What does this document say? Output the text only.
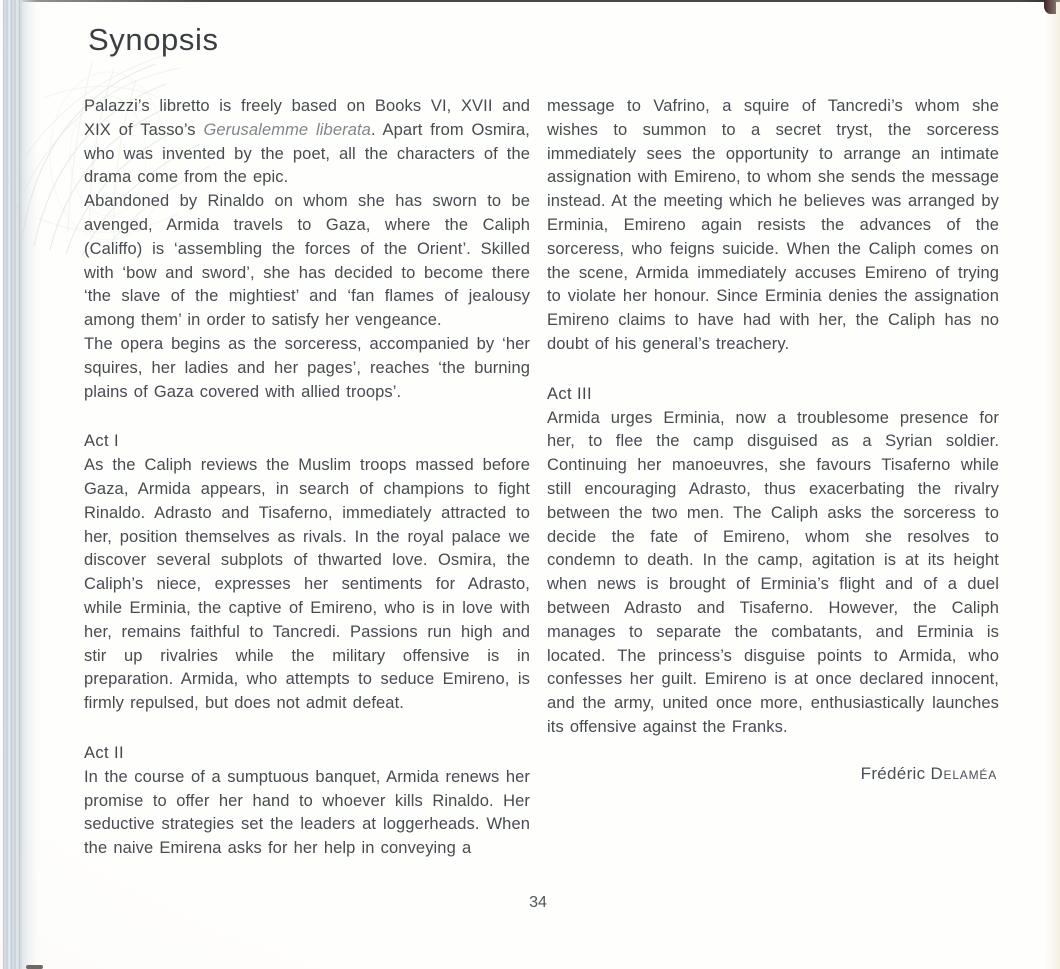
Synopsis

Palazzi’s libretto is freely based on Books VI, XVII and XIX of Tasso’s Gerusalemme liberata. Apart from Osmira, who was invented by the poet, all the characters of the drama come from the epic.

Abandoned by Rinaldo on whom she has sworn to be avenged, Armida travels to Gaza, where the Caliph (Califfo) is ‘assembling the forces of the Orient’. Skilled with ‘bow and sword’, she has decided to become there ‘the slave of the mightiest’ and ‘fan flames of jealousy among them’ in order to satisfy her vengeance.

The opera begins as the sorceress, accompanied by ‘her squires, her ladies and her pages’, reaches ‘the burning plains of Gaza covered with allied troops’.

Act I

As the Caliph reviews the Muslim troops massed before Gaza, Armida appears, in search of champions to fight Rinaldo. Adrasto and Tisaferno, immediately attracted to her, position themselves as rivals. In the royal palace we discover several subplots of thwarted love. Osmira, the Caliph’s niece, expresses her sentiments for Adrasto, while Erminia, the captive of Emireno, who is in love with her, remains faithful to Tancredi. Passions run high and stir up rivalries while the military offensive is in preparation. Armida, who attempts to seduce Emireno, is firmly repulsed, but does not admit defeat.

Act II

In the course of a sumptuous banquet, Armida renews her promise to offer her hand to whoever kills Rinaldo. Her seductive strategies set the leaders at loggerheads. When the naive Emirena asks for her help in conveying a

message to Vafrino, a squire of Tancredi’s whom she wishes to summon to a secret tryst, the sorceress immediately sees the opportunity to arrange an intimate assignation with Emireno, to whom she sends the message instead. At the meeting which he believes was arranged by Erminia, Emireno again resists the advances of the sorceress, who feigns suicide. When the Caliph comes on the scene, Armida immediately accuses Emireno of trying to violate her honour. Since Erminia denies the assignation Emireno claims to have had with her, the Caliph has no doubt of his general’s treachery.

Act III

Armida urges Erminia, now a troublesome presence for her, to flee the camp disguised as a Syrian soldier. Continuing her manoeuvres, she favours Tisaferno while still encouraging Adrasto, thus exacerbating the rivalry between the two men. The Caliph asks the sorceress to decide the fate of Emireno, whom she resolves to condemn to death. In the camp, agitation is at its height when news is brought of Erminia’s flight and of a duel between Adrasto and Tisaferno. However, the Caliph manages to separate the combatants, and Erminia is located. The princess’s disguise points to Armida, who confesses her guilt. Emireno is at once declared innocent, and the army, united once more, enthusiastically launches its offensive against the Franks.

Frédéric Delaméa

34
